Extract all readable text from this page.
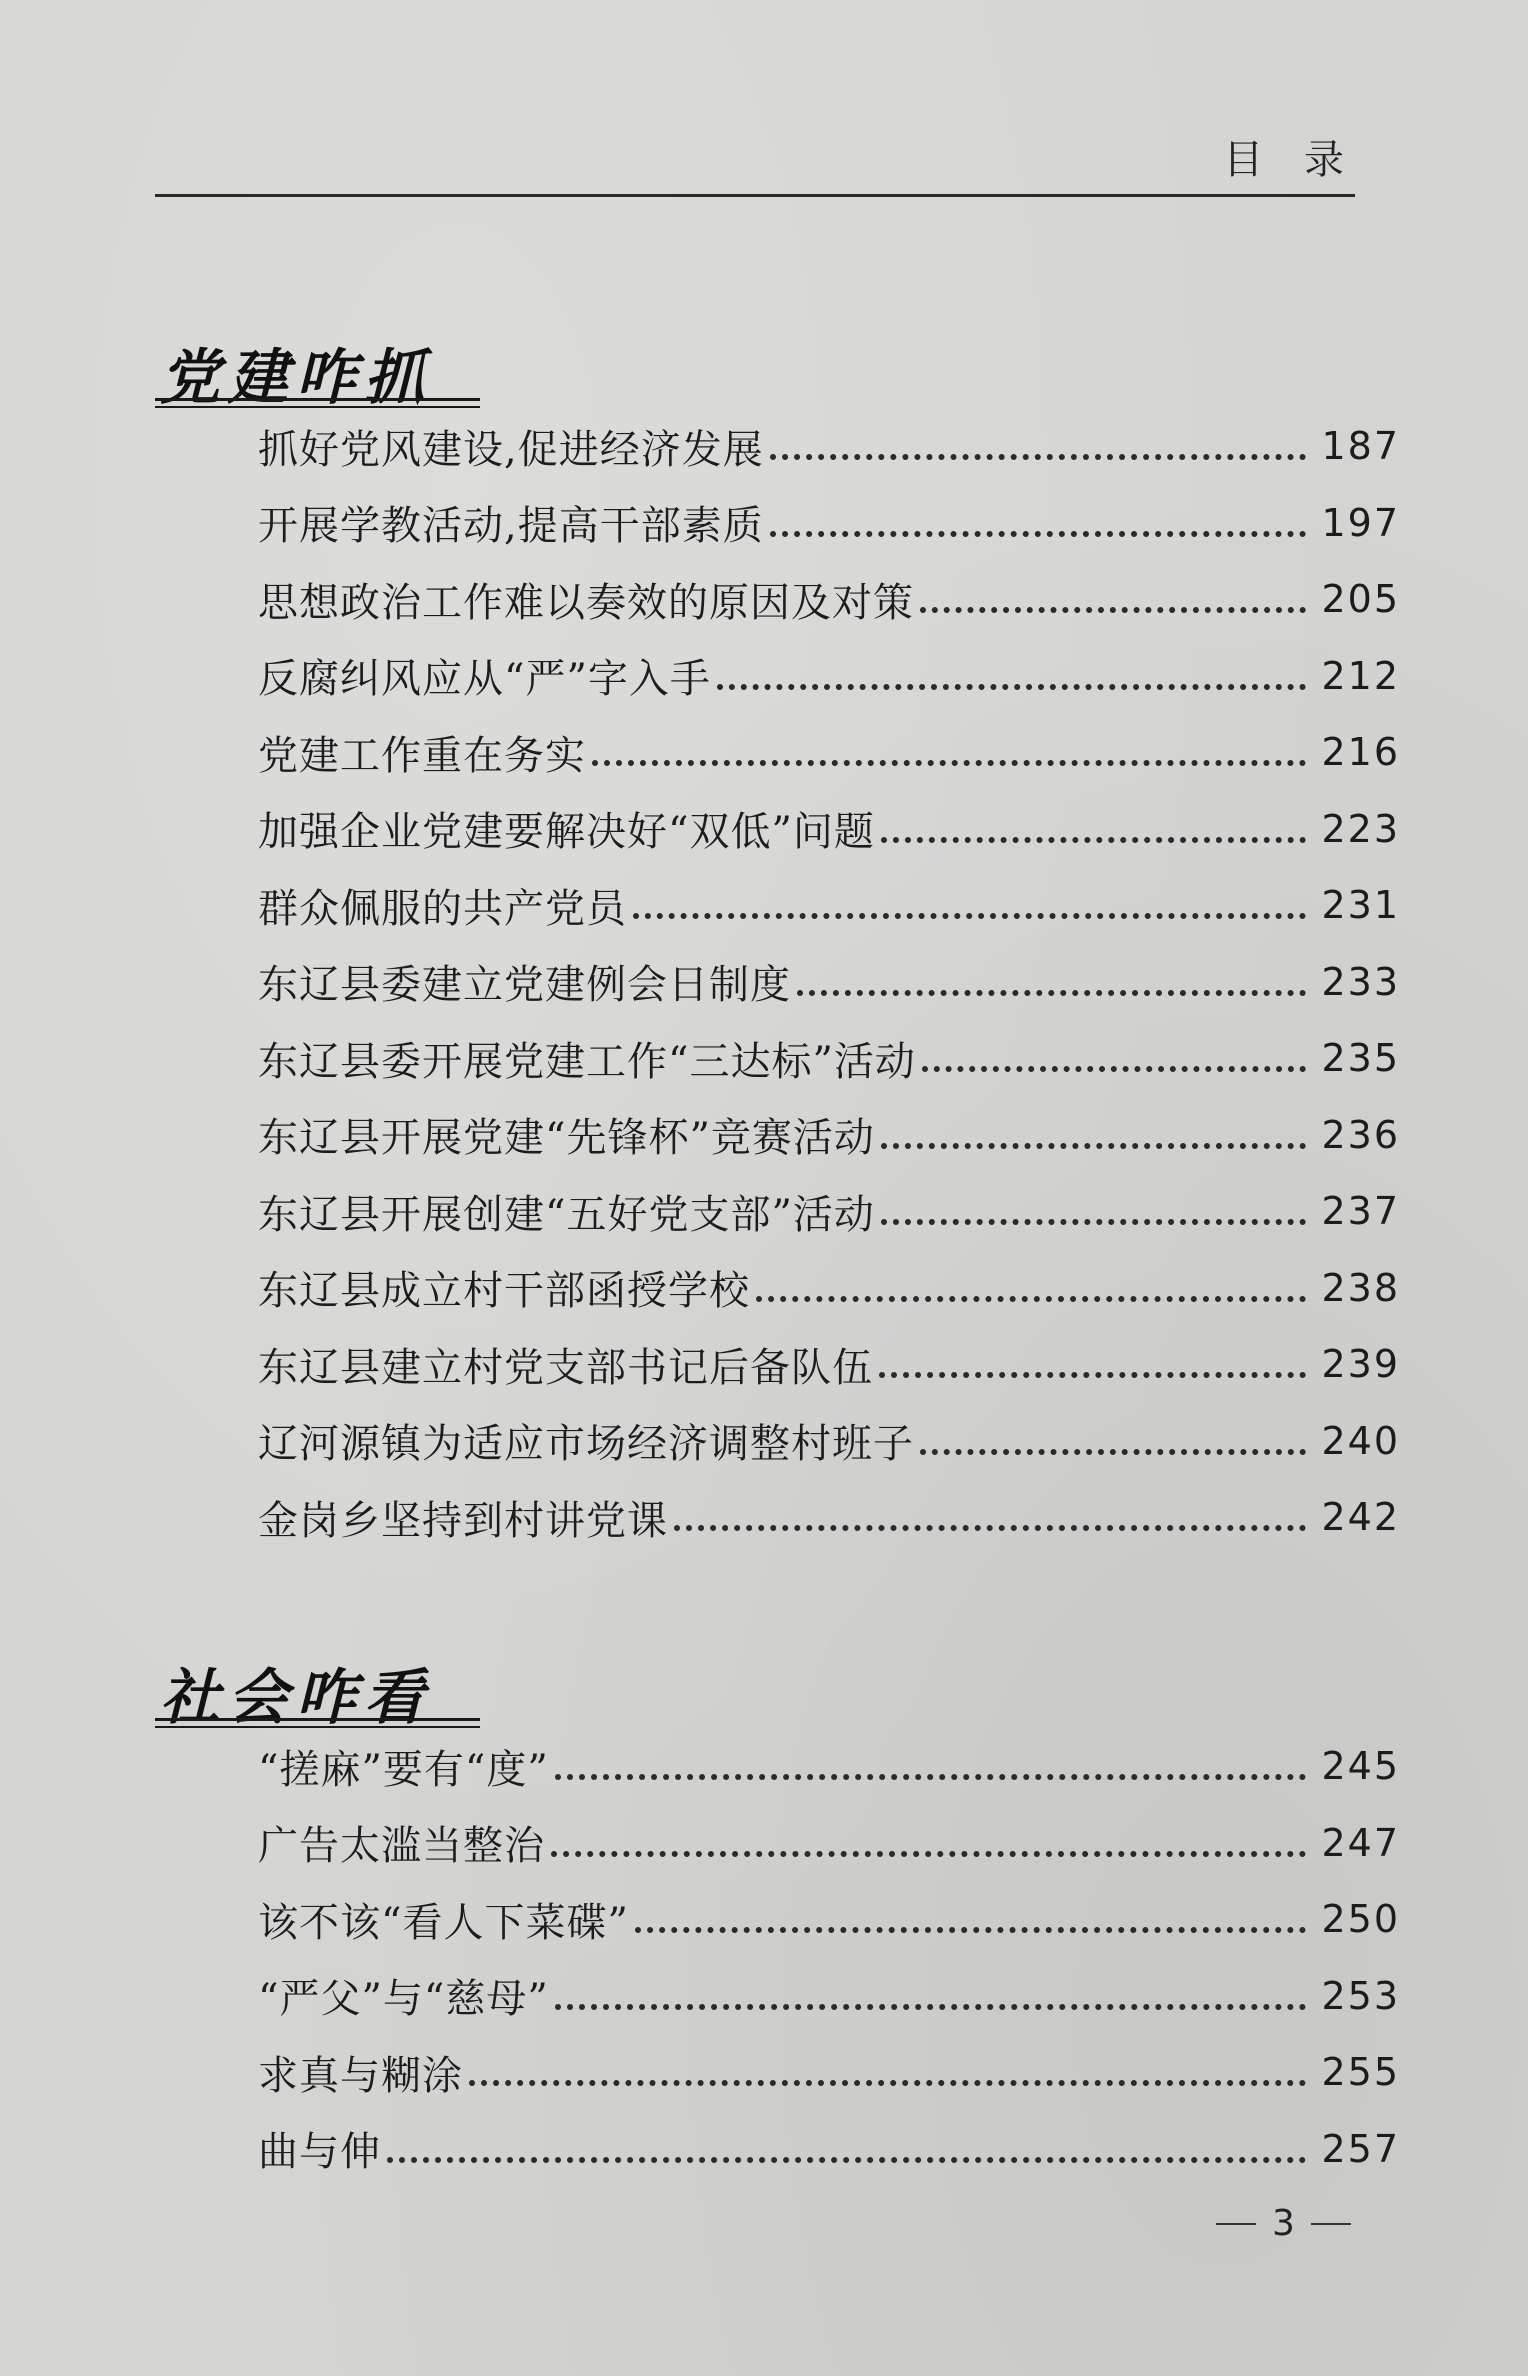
目 录
党建咋抓
抓好党风建设,促进经济发展	187
开展学教活动,提高干部素质	197
思想政治工作难以奏效的原因及对策	205
反腐纠风应从“严”字入手	212
党建工作重在务实	216
加强企业党建要解决好“双低”问题	223
群众佩服的共产党员	231
东辽县委建立党建例会日制度	233
东辽县委开展党建工作“三达标”活动	235
东辽县开展党建“先锋杯”竞赛活动	236
东辽县开展创建“五好党支部”活动	237
东辽县成立村干部函授学校	238
东辽县建立村党支部书记后备队伍	239
辽河源镇为适应市场经济调整村班子	240
金岗乡坚持到村讲党课	242
社会咋看
“搓麻”要有“度”	245
广告太滥当整治	247
该不该“看人下菜碟”	250
“严父”与“慈母”	253
求真与糊涂	255
曲与伸	257
3
